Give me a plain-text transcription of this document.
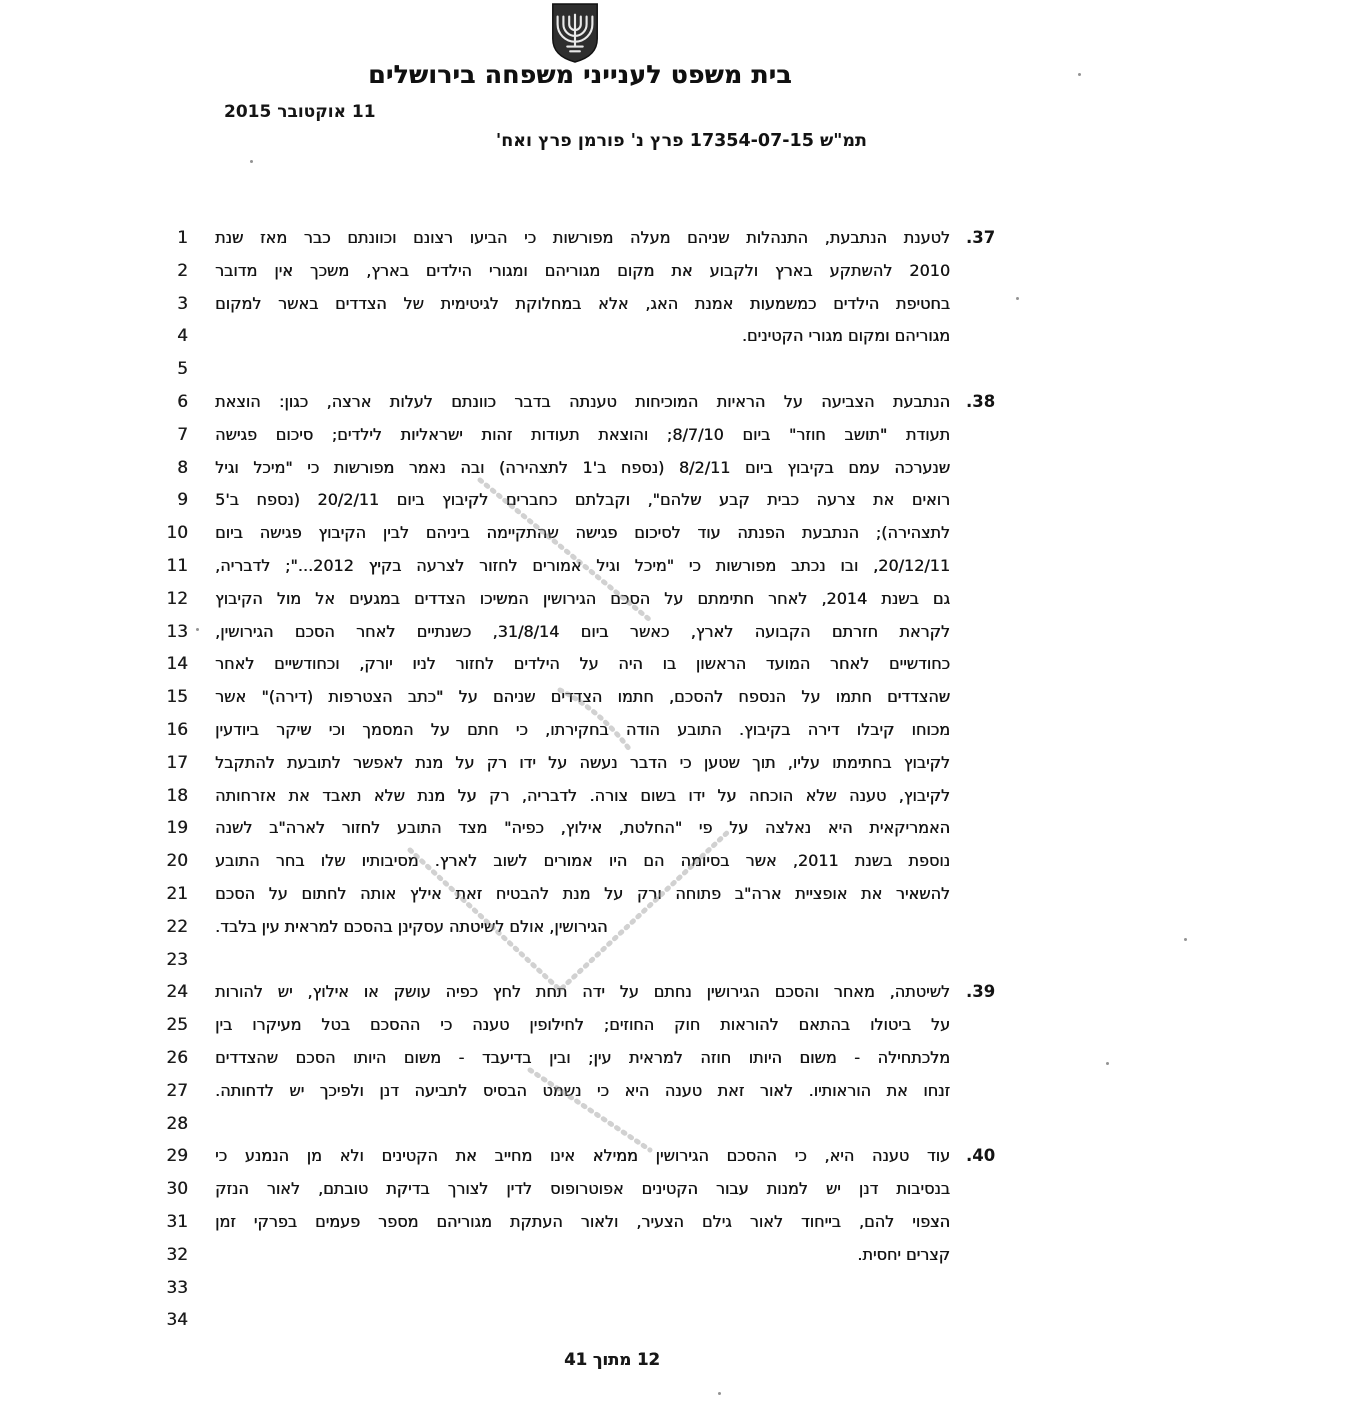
בית משפט לענייני משפחה בירושלים
11 אוקטובר 2015
תמ"ש 17354-07-15 פרץ נ' פורמן פרץ ואח'
1
2
3
4
5
6
7
8
9
10
11
12
13
14
15
16
17
18
19
20
21
22
23
24
25
26
27
28
29
30
31
32
33
34
37.
לטענת הנתבעת, התנהלות שניהם מעלה מפורשות כי הביעו רצונם וכוונתם כבר מאז שנת
2010 להשתקע בארץ ולקבוע את מקום מגוריהם ומגורי הילדים בארץ, משכך אין מדובר
בחטיפת הילדים כמשמעות אמנת האג, אלא במחלוקת לגיטימית של הצדדים באשר למקום
מגוריהם ומקום מגורי הקטינים.
38.
הנתבעת הצביעה על הראיות המוכיחות טענתה בדבר כוונתם לעלות ארצה, כגון: הוצאת
תעודת "תושב חוזר" ביום 8/7/10; והוצאת תעודות זהות ישראליות לילדים; סיכום פגישה
שנערכה עמם בקיבוץ ביום 8/2/11 (נספח ב'1 לתצהירה) ובה נאמר מפורשות כי "מיכל וגיל
רואים את צרעה כבית קבע שלהם", וקבלתם כחברים לקיבוץ ביום 20/2/11 (נספח ב'5
לתצהירה); הנתבעת הפנתה עוד לסיכום פגישה שהתקיימה ביניהם לבין הקיבוץ פגישה ביום
20/12/11, ובו נכתב מפורשות כי "מיכל וגיל אמורים לחזור לצרעה בקיץ 2012..."; לדבריה,
גם בשנת 2014, לאחר חתימתם על הסכם הגירושין המשיכו הצדדים במגעים אל מול הקיבוץ
לקראת חזרתם הקבועה לארץ, כאשר ביום 31/8/14, כשנתיים לאחר הסכם הגירושין,
כחודשיים לאחר המועד הראשון בו היה על הילדים לחזור לניו יורק, וכחודשיים לאחר
שהצדדים חתמו על הנספח להסכם, חתמו הצדדים שניהם על "כתב הצטרפות (דירה)" אשר
מכוחו קיבלו דירה בקיבוץ. התובע הודה בחקירתו, כי חתם על המסמך וכי שיקר ביודעין
לקיבוץ בחתימתו עליו, תוך שטען כי הדבר נעשה על ידו רק על מנת לאפשר לתובעת להתקבל
לקיבוץ, טענה שלא הוכחה על ידו בשום צורה. לדבריה, רק על מנת שלא תאבד את אזרחותה
האמריקאית היא נאלצה על פי "החלטת, אילוץ, כפיה" מצד התובע לחזור לארה"ב לשנה
נוספת בשנת 2011, אשר בסיומה הם היו אמורים לשוב לארץ. מסיבותיו שלו בחר התובע
להשאיר את אופציית ארה"ב פתוחה ורק על מנת להבטיח זאת אילץ אותה לחתום על הסכם
הגירושין, אולם לשיטתה עסקינן בהסכם למראית עין בלבד.
39.
לשיטתה, מאחר והסכם הגירושין נחתם על ידה תחת לחץ כפיה עושק או אילוץ, יש להורות
על ביטולו בהתאם להוראות חוק החוזים; לחילופין טענה כי ההסכם בטל מעיקרו בין
מלכתחילה - משום היותו חוזה למראית עין; ובין בדיעבד - משום היותו הסכם שהצדדים
זנחו את הוראותיו. לאור זאת טענה היא כי נשמט הבסיס לתביעה דנן ולפיכך יש לדחותה.
40.
עוד טענה היא, כי ההסכם הגירושין ממילא אינו מחייב את הקטינים ולא מן הנמנע כי
בנסיבות דנן יש למנות עבור הקטינים אפוטרופוס לדין לצורך בדיקת טובתם, לאור הנזק
הצפוי להם, בייחוד לאור גילם הצעיר, ולאור העתקת מגוריהם מספר פעמים בפרקי זמן
קצרים יחסית.
12 מתוך 41
